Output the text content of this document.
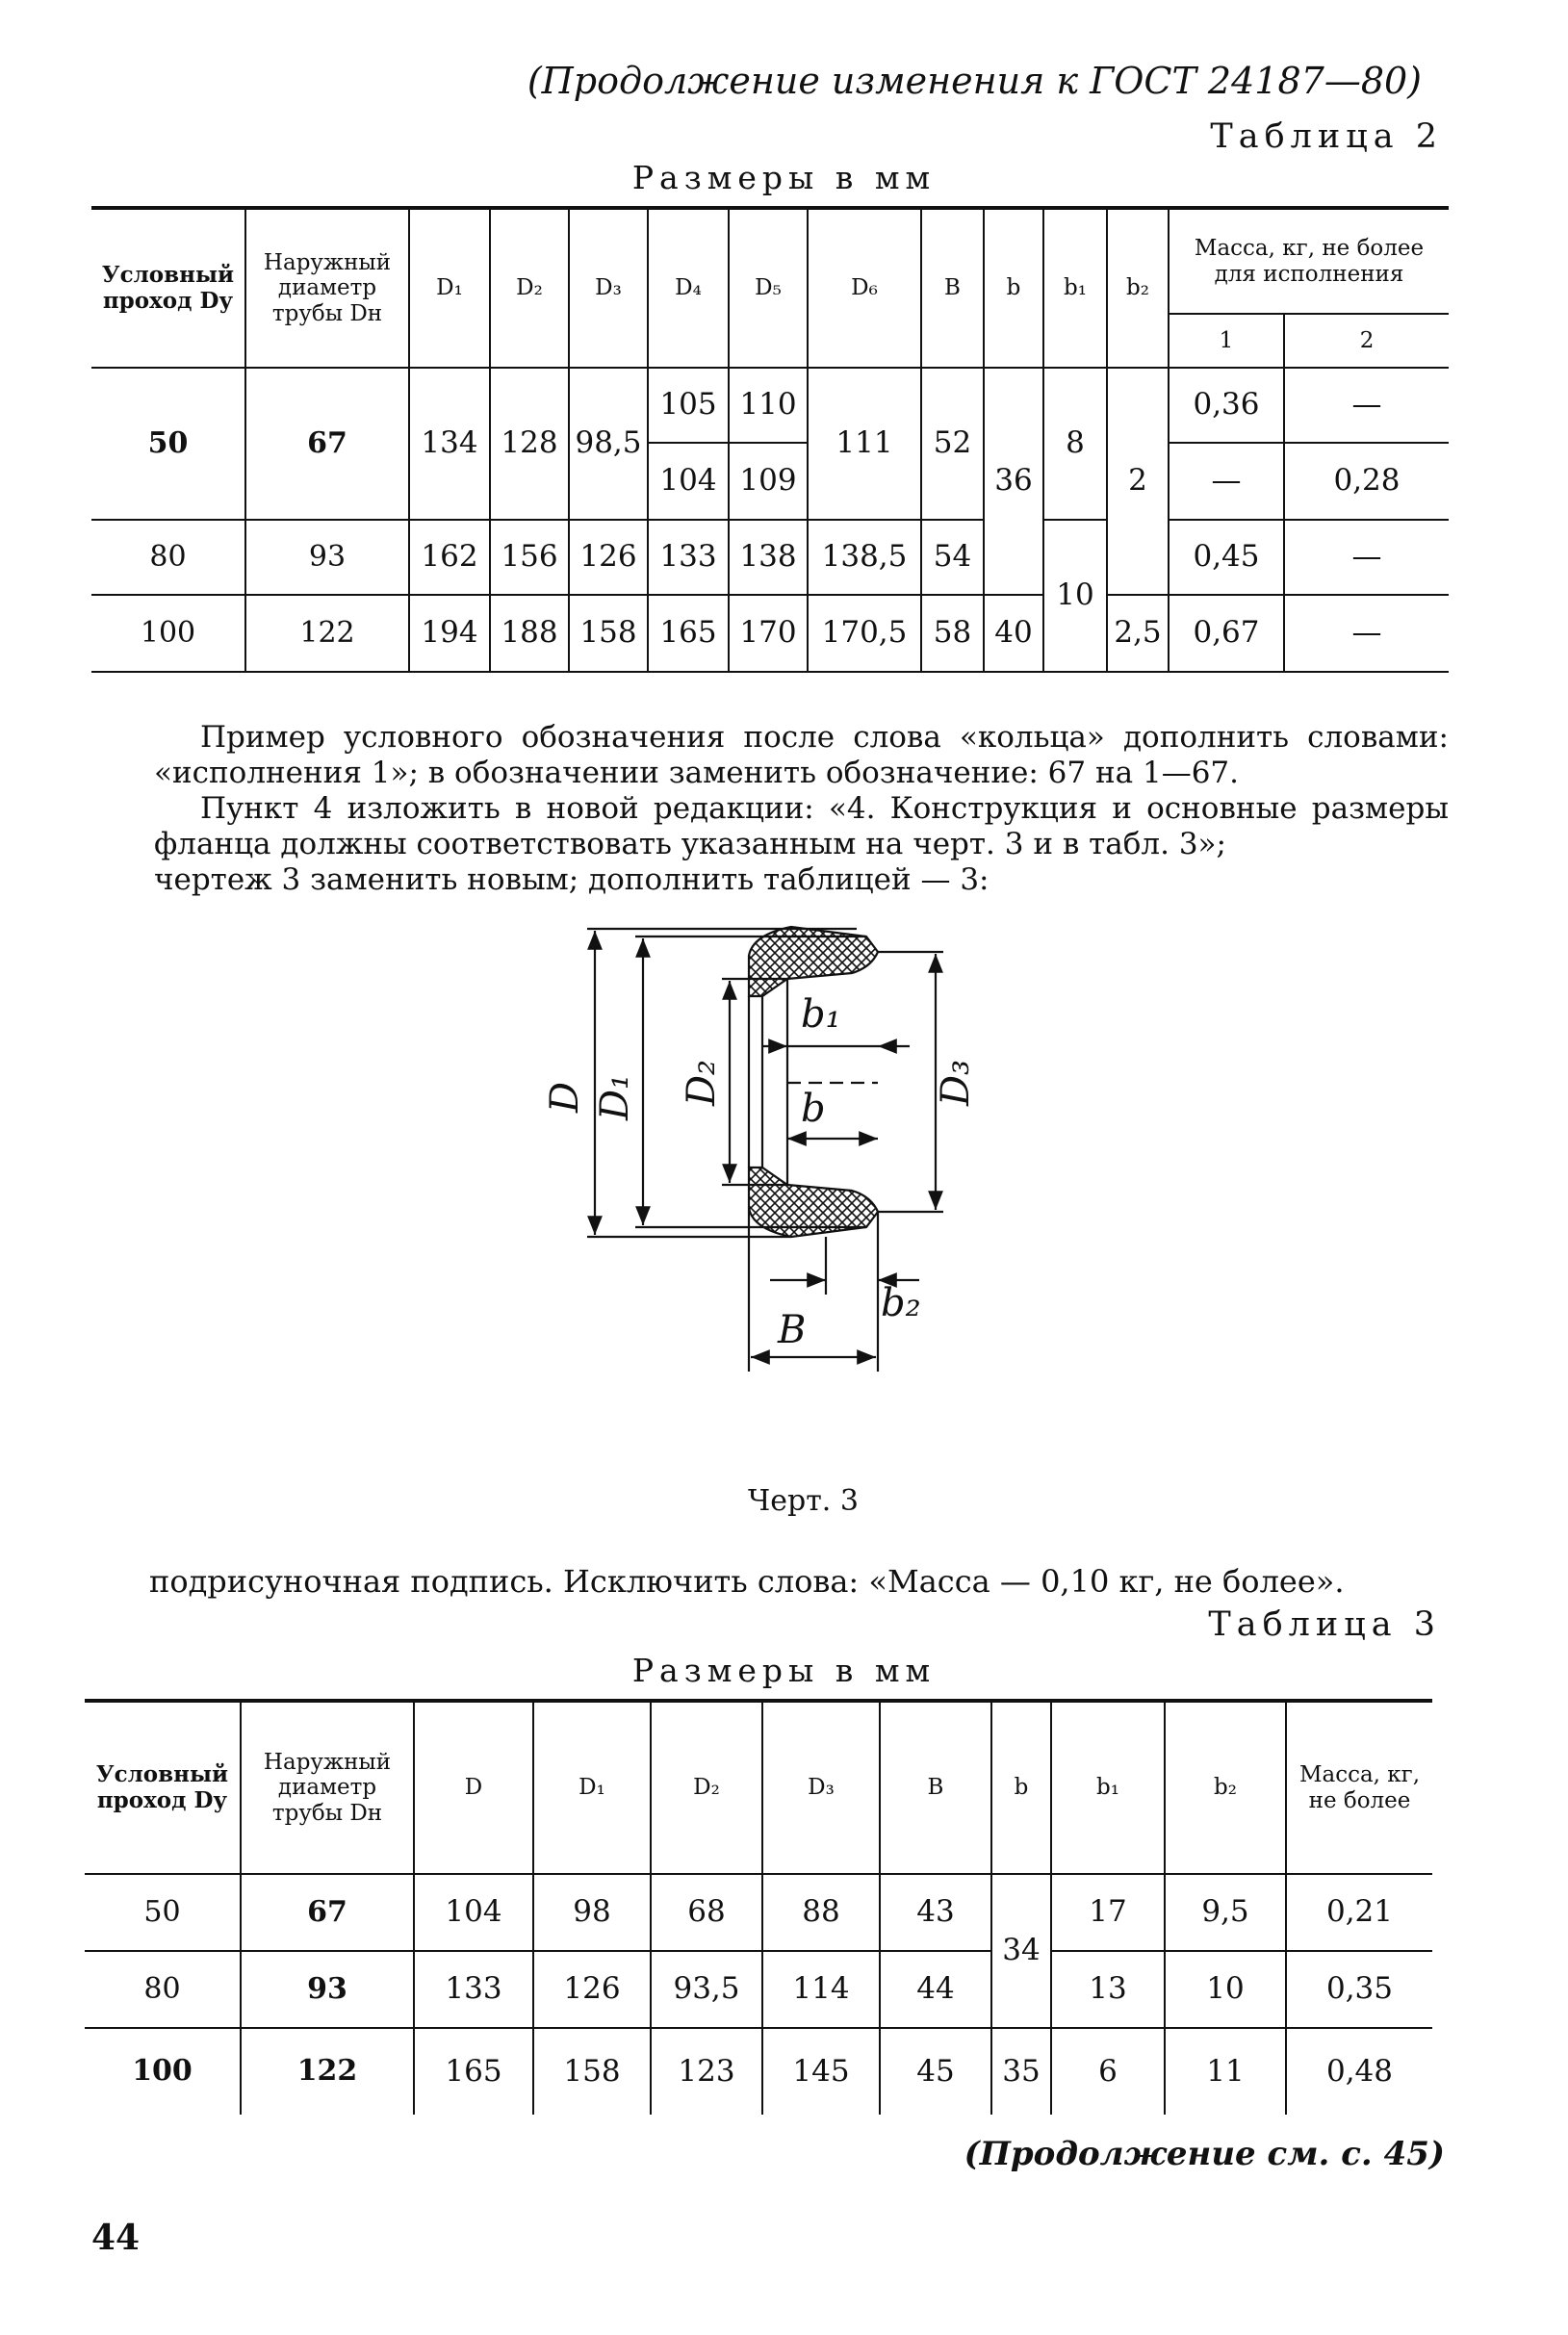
(Продолжение изменения к ГОСТ 24187—80)
Таблица 2
Размеры в мм
Условный проход Dу	Наружный диаметр трубы Dн	D₁	D₂	D₃	D₄	D₅	D₆	B	b	b₁	b₂	Масса, кг, не более для исполнения	
												1	2
50	67	134	128	98,5	105	110	111	52	36	8	2	0,36	—
					104	109						—	0,28
80	93	162	156	126	133	138	138,5	54		10		0,45	—
100	122	194	188	158	165	170	170,5	58	40		2,5	0,67	—

Пример условного обозначения после слова «кольца» дополнить словами:

«исполнения 1»; в обозначении заменить обозначение: 67 на 1—67.

Пункт 4 изложить в новой редакции: «4. Конструкция и основные размеры

фланца должны соответствовать указанным на черт. 3 и в табл. 3»;

чертеж 3 заменить новым; дополнить таблицей — 3:

D D₁ D₂	D₃
b₁
b
b₂
B
Черт. 3
подрисуночная подпись. Исключить слова: «Масса — 0,10 кг, не более».
Таблица 3
Размеры в мм
Условный проход Dу	Наружный диаметр трубы Dн	D	D₁	D₂	D₃	B	b	b₁	b₂	Масса, кг, не более
50	67	104	98	68	88	43	34	17	9,5	0,21
80	93	133	126	93,5	114	44		13	10	0,35
100	122	165	158	123	145	45	35	6	11	0,48
(Продолжение см. с. 45)
44
